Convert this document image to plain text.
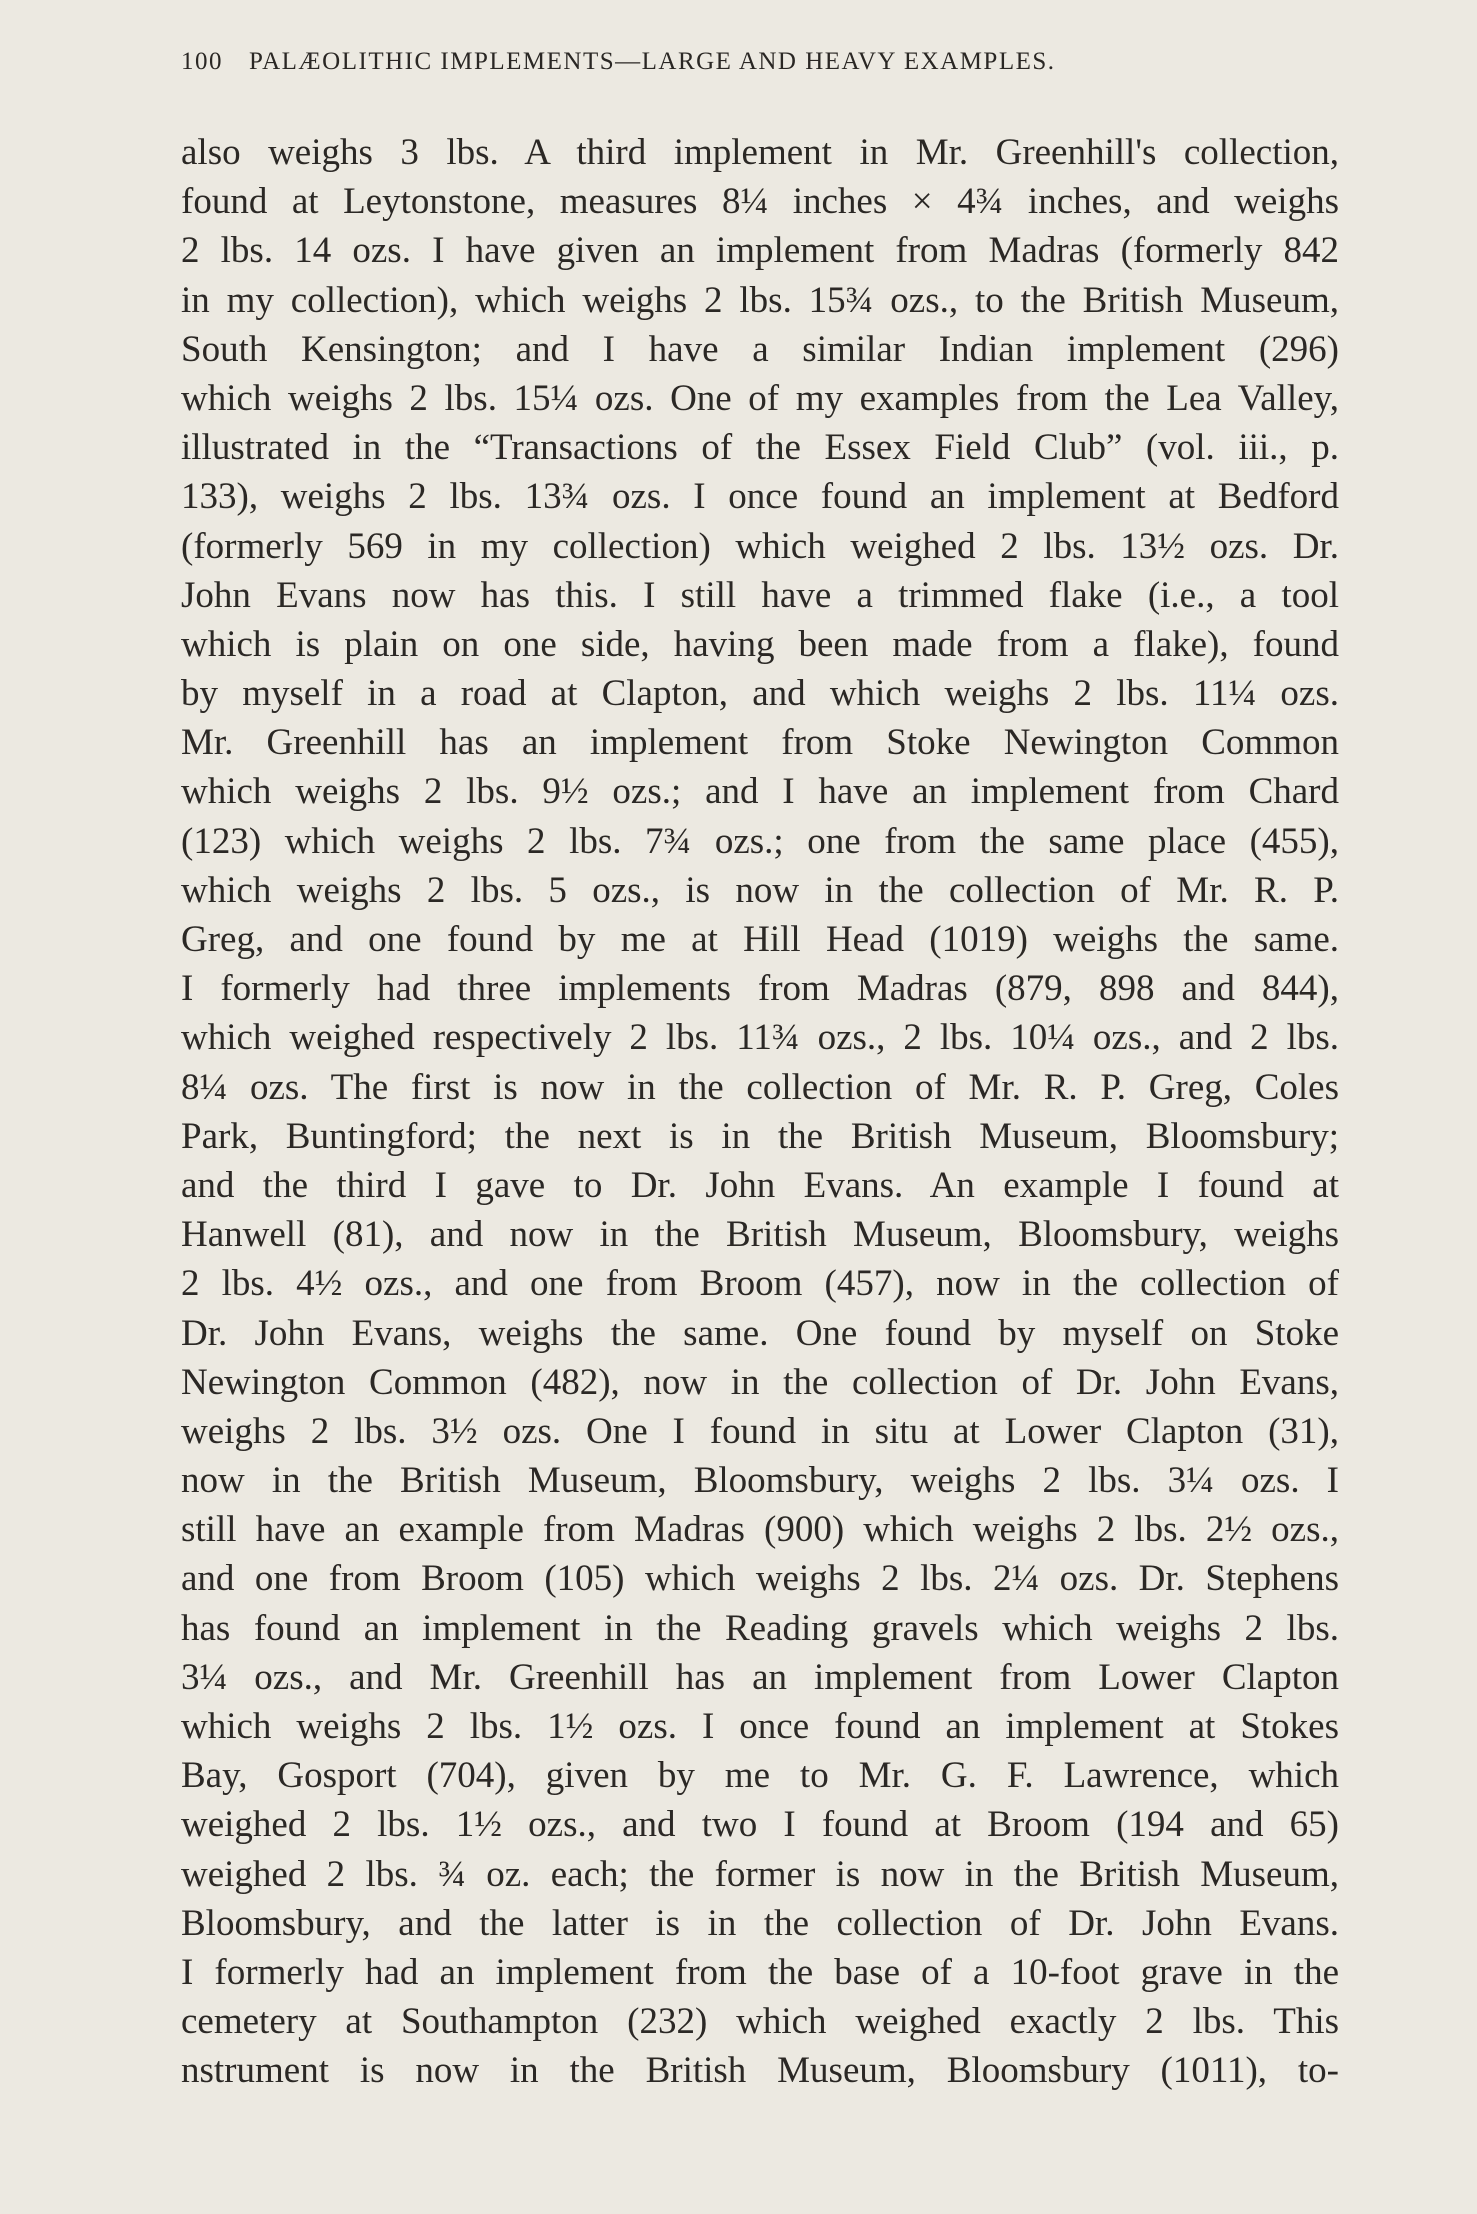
100 PALÆOLITHIC IMPLEMENTS—LARGE AND HEAVY EXAMPLES.
also weighs 3 lbs. A third implement in Mr. Greenhill's collection,
found at Leytonstone, measures 8¼ inches × 4¾ inches, and weighs
2 lbs. 14 ozs. I have given an implement from Madras (formerly 842
in my collection), which weighs 2 lbs. 15¾ ozs., to the British Museum,
South Kensington; and I have a similar Indian implement (296)
which weighs 2 lbs. 15¼ ozs. One of my examples from the Lea Valley,
illustrated in the “Transactions of the Essex Field Club” (vol. iii., p.
133), weighs 2 lbs. 13¾ ozs. I once found an implement at Bedford
(formerly 569 in my collection) which weighed 2 lbs. 13½ ozs. Dr.
John Evans now has this. I still have a trimmed flake (i.e., a tool
which is plain on one side, having been made from a flake), found
by myself in a road at Clapton, and which weighs 2 lbs. 11¼ ozs.
Mr. Greenhill has an implement from Stoke Newington Common
which weighs 2 lbs. 9½ ozs.; and I have an implement from Chard
(123) which weighs 2 lbs. 7¾ ozs.; one from the same place (455),
which weighs 2 lbs. 5 ozs., is now in the collection of Mr. R. P.
Greg, and one found by me at Hill Head (1019) weighs the same.
I formerly had three implements from Madras (879, 898 and 844),
which weighed respectively 2 lbs. 11¾ ozs., 2 lbs. 10¼ ozs., and 2 lbs.
8¼ ozs. The first is now in the collection of Mr. R. P. Greg, Coles
Park, Buntingford; the next is in the British Museum, Bloomsbury;
and the third I gave to Dr. John Evans. An example I found at
Hanwell (81), and now in the British Museum, Bloomsbury, weighs
2 lbs. 4½ ozs., and one from Broom (457), now in the collection of
Dr. John Evans, weighs the same. One found by myself on Stoke
Newington Common (482), now in the collection of Dr. John Evans,
weighs 2 lbs. 3½ ozs. One I found in situ at Lower Clapton (31),
now in the British Museum, Bloomsbury, weighs 2 lbs. 3¼ ozs. I
still have an example from Madras (900) which weighs 2 lbs. 2½ ozs.,
and one from Broom (105) which weighs 2 lbs. 2¼ ozs. Dr. Stephens
has found an implement in the Reading gravels which weighs 2 lbs.
3¼ ozs., and Mr. Greenhill has an implement from Lower Clapton
which weighs 2 lbs. 1½ ozs. I once found an implement at Stokes
Bay, Gosport (704), given by me to Mr. G. F. Lawrence, which
weighed 2 lbs. 1½ ozs., and two I found at Broom (194 and 65)
weighed 2 lbs. ¾ oz. each; the former is now in the British Museum,
Bloomsbury, and the latter is in the collection of Dr. John Evans.
I formerly had an implement from the base of a 10-foot grave in the
cemetery at Southampton (232) which weighed exactly 2 lbs. This
nstrument is now in the British Museum, Bloomsbury (1011), to-
